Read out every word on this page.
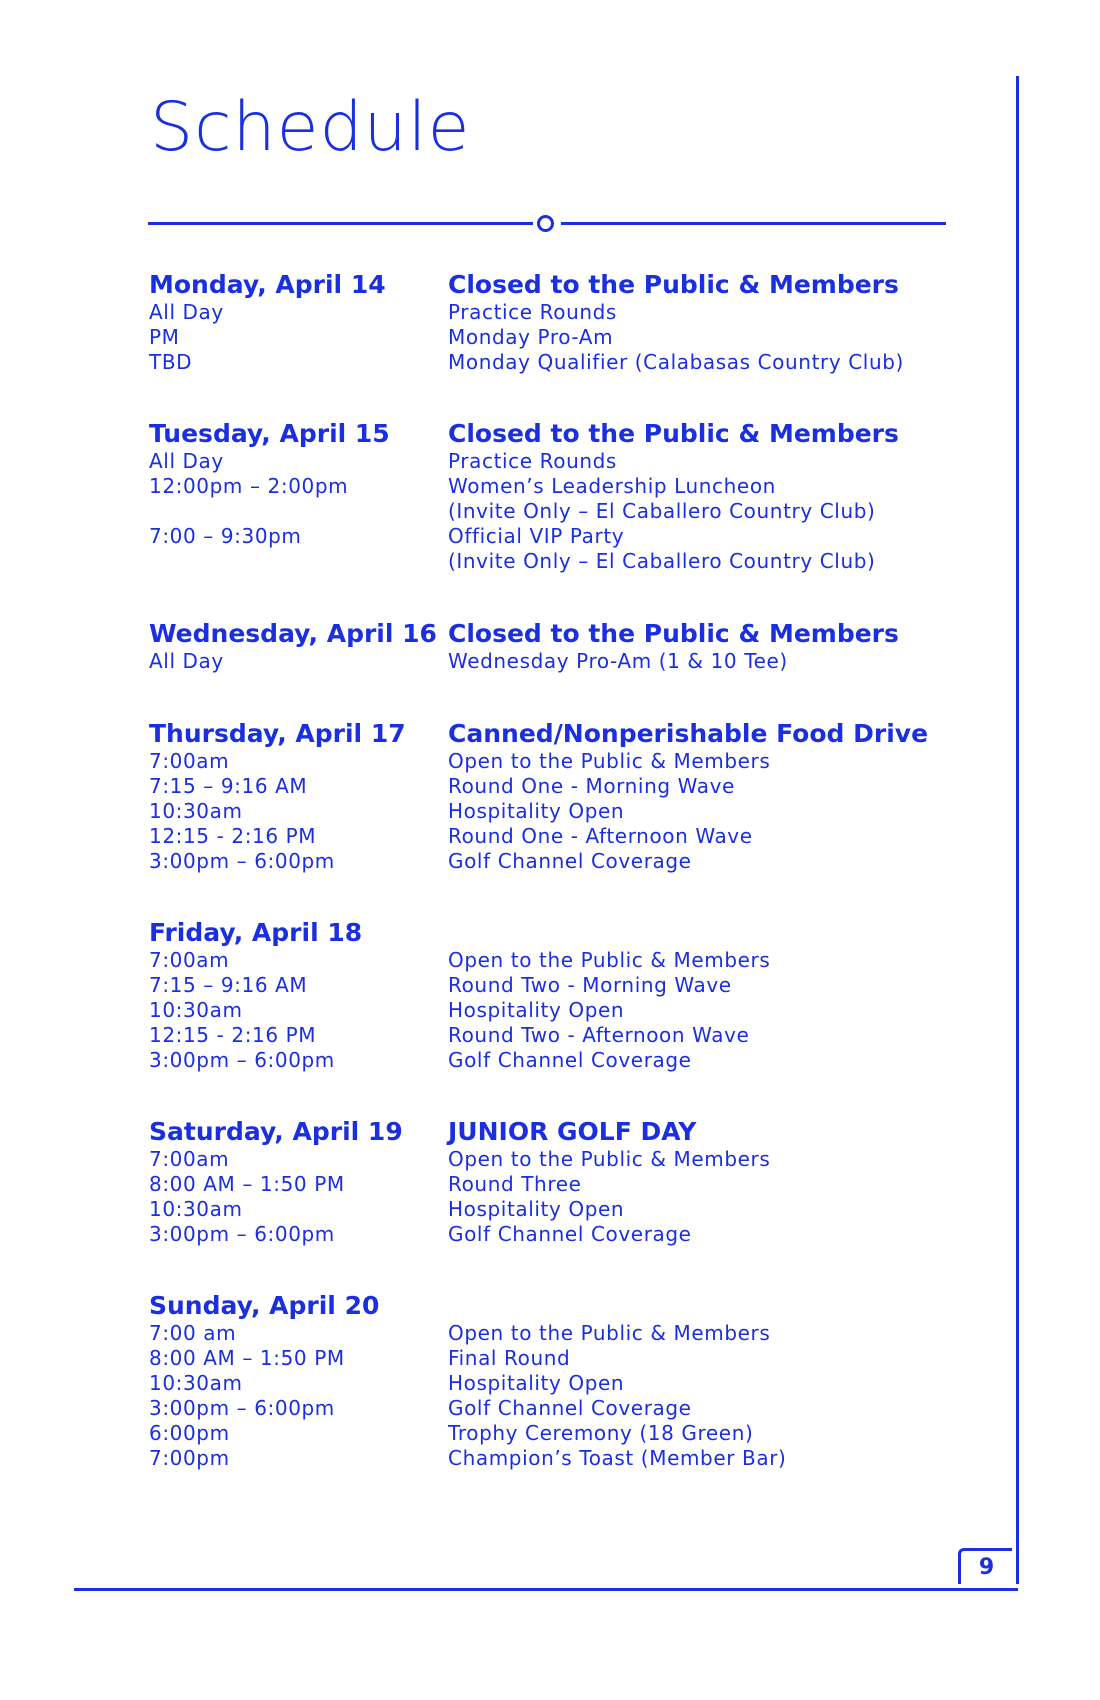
Schedule
9
Monday, April 14	Closed to the Public & Members
All Day	Practice Rounds
PM	Monday Pro-Am
TBD	Monday Qualifier (Calabasas Country Club)
Tuesday, April 15	Closed to the Public & Members
All Day	Practice Rounds
12:00pm – 2:00pm	Women’s Leadership Luncheon
(Invite Only – El Caballero Country Club)
7:00 – 9:30pm	Official VIP Party
(Invite Only – El Caballero Country Club)
Wednesday, April 16 Closed to the Public & Members
All Day	Wednesday Pro-Am (1 & 10 Tee)
Thursday, April 17	Canned/Nonperishable Food Drive
7:00am	Open to the Public & Members
7:15 – 9:16 AM	Round One - Morning Wave
10:30am	Hospitality Open
12:15 - 2:16 PM	Round One - Afternoon Wave
3:00pm – 6:00pm	Golf Channel Coverage
Friday, April 18
7:00am	Open to the Public & Members
7:15 – 9:16 AM	Round Two - Morning Wave
10:30am	Hospitality Open
12:15 - 2:16 PM	Round Two - Afternoon Wave
3:00pm – 6:00pm	Golf Channel Coverage
Saturday, April 19	JUNIOR GOLF DAY
7:00am	Open to the Public & Members
8:00 AM – 1:50 PM	Round Three
10:30am	Hospitality Open
3:00pm – 6:00pm	Golf Channel Coverage
Sunday, April 20
7:00 am	Open to the Public & Members
8:00 AM – 1:50 PM	Final Round
10:30am	Hospitality Open
3:00pm – 6:00pm	Golf Channel Coverage
6:00pm	Trophy Ceremony (18 Green)
7:00pm	Champion’s Toast (Member Bar)
